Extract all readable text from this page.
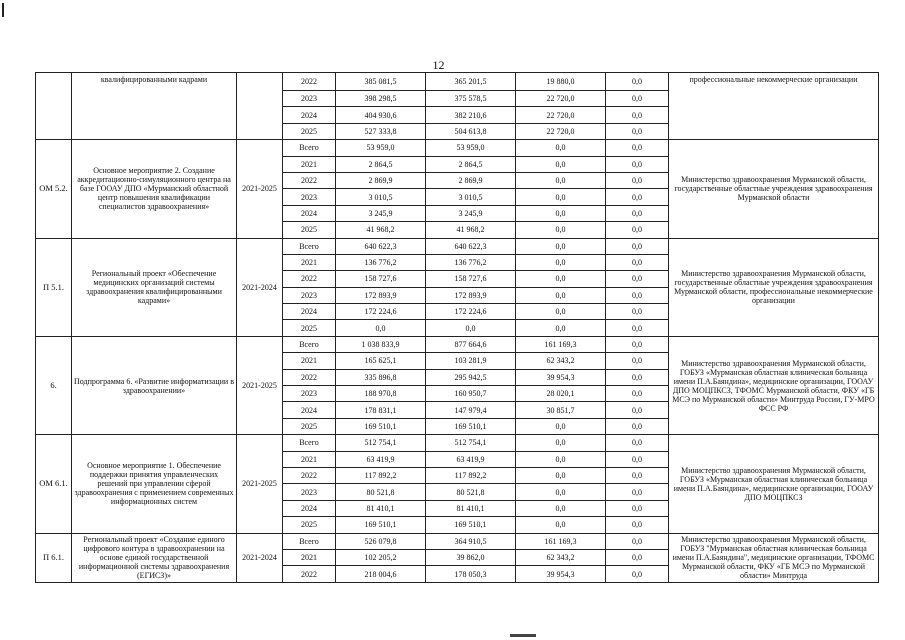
12
	квалифицированными кадрами		2022	385 081,5	365 201,5	19 880,0	0,0	профессиональные некоммерческие организации
			2023	398 298,5	375 578,5	22 720,0	0,0	
			2024	404 930,6	382 210,6	22 720,0	0,0	
			2025	527 333,8	504 613,8	22 720,0	0,0	
ОМ 5.2.	Основное мероприятие 2. Создание аккредитационно-симуляционного центра на базе ГООАУ ДПО «Мурманский областной центр повышения квалификации специалистов здравоохранения»	2021-2025	Всего	53 959,0	53 959,0	0,0	0,0	Министерство здравоохранения Мурманской области, государственные областные учреждения здравоохранения Мурманской области
			2021	2 864,5	2 864,5	0,0	0,0	
			2022	2 869,9	2 869,9	0,0	0,0	
			2023	3 010,5	3 010,5	0,0	0,0	
			2024	3 245,9	3 245,9	0,0	0,0	
			2025	41 968,2	41 968,2	0,0	0,0	
П 5.1.	Региональный проект «Обеспечение медицинских организаций системы здравоохранения квалифицированными кадрами»	2021-2024	Всего	640 622,3	640 622,3	0,0	0,0	Министерство здравоохранения Мурманской области, государственные областные учреждения здравоохранения Мурманской области, профессиональные некоммерческие организации
			2021	136 776,2	136 776,2	0,0	0,0	
			2022	158 727,6	158 727,6	0,0	0,0	
			2023	172 893,9	172 893,9	0,0	0,0	
			2024	172 224,6	172 224,6	0,0	0,0	
			2025	0,0	0,0	0,0	0,0	
6.	Подпрограмма 6. «Развитие информатизации в здравоохранении»	2021-2025	Всего	1 038 833,9	877 664,6	161 169,3	0,0	Министерство здравоохранения Мурманской области, ГОБУЗ «Мурманская областная клиническая больница имени П.А.Баяндина», медицинские организации, ГООАУ ДПО МОЦПКСЗ, ТФОМС Мурманской области, ФКУ «ГБ МСЭ по Мурманской области» Минтруда России, ГУ-МРО ФСС РФ
			2021	165 625,1	103 281,9	62 343,2	0,0	
			2022	335 896,8	295 942,5	39 954,3	0,0	
			2023	188 970,8	160 950,7	28 020,1	0,0	
			2024	178 831,1	147 979,4	30 851,7	0,0	
			2025	169 510,1	169 510,1	0,0	0,0	
ОМ 6.1.	Основное мероприятие 1. Обеспечение поддержки принятия управленческих решений при управлении сферой здравоохранения с применением современных информационных систем	2021-2025	Всего	512 754,1	512 754,1	0,0	0,0	Министерство здравоохранения Мурманской области, ГОБУЗ «Мурманская областная клиническая больница имени П.А.Баяндина», медицинские организации, ГООАУ ДПО МОЦПКСЗ
			2021	63 419,9	63 419,9	0,0	0,0	
			2022	117 892,2	117 892,2	0,0	0,0	
			2023	80 521,8	80 521,8	0,0	0,0	
			2024	81 410,1	81 410,1	0,0	0,0	
			2025	169 510,1	169 510,1	0,0	0,0	
П 6.1.	Региональный проект «Создание единого цифрового контура в здравоохранении на основе единой государственной информационной системы здравоохранения (ЕГИСЗ)»	2021-2024	Всего	526 079,8	364 910,5	161 169,3	0,0	Министерство здравоохранения Мурманской области, ГОБУЗ "Мурманская областная клиническая больница имени П.А.Баяндина", медицинские организации, ТФОМС Мурманской области, ФКУ «ГБ МСЭ по Мурманской области» Минтруда
			2021	102 205,2	39 862,0	62 343,2	0,0	
			2022	218 004,6	178 050,3	39 954,3	0,0	
